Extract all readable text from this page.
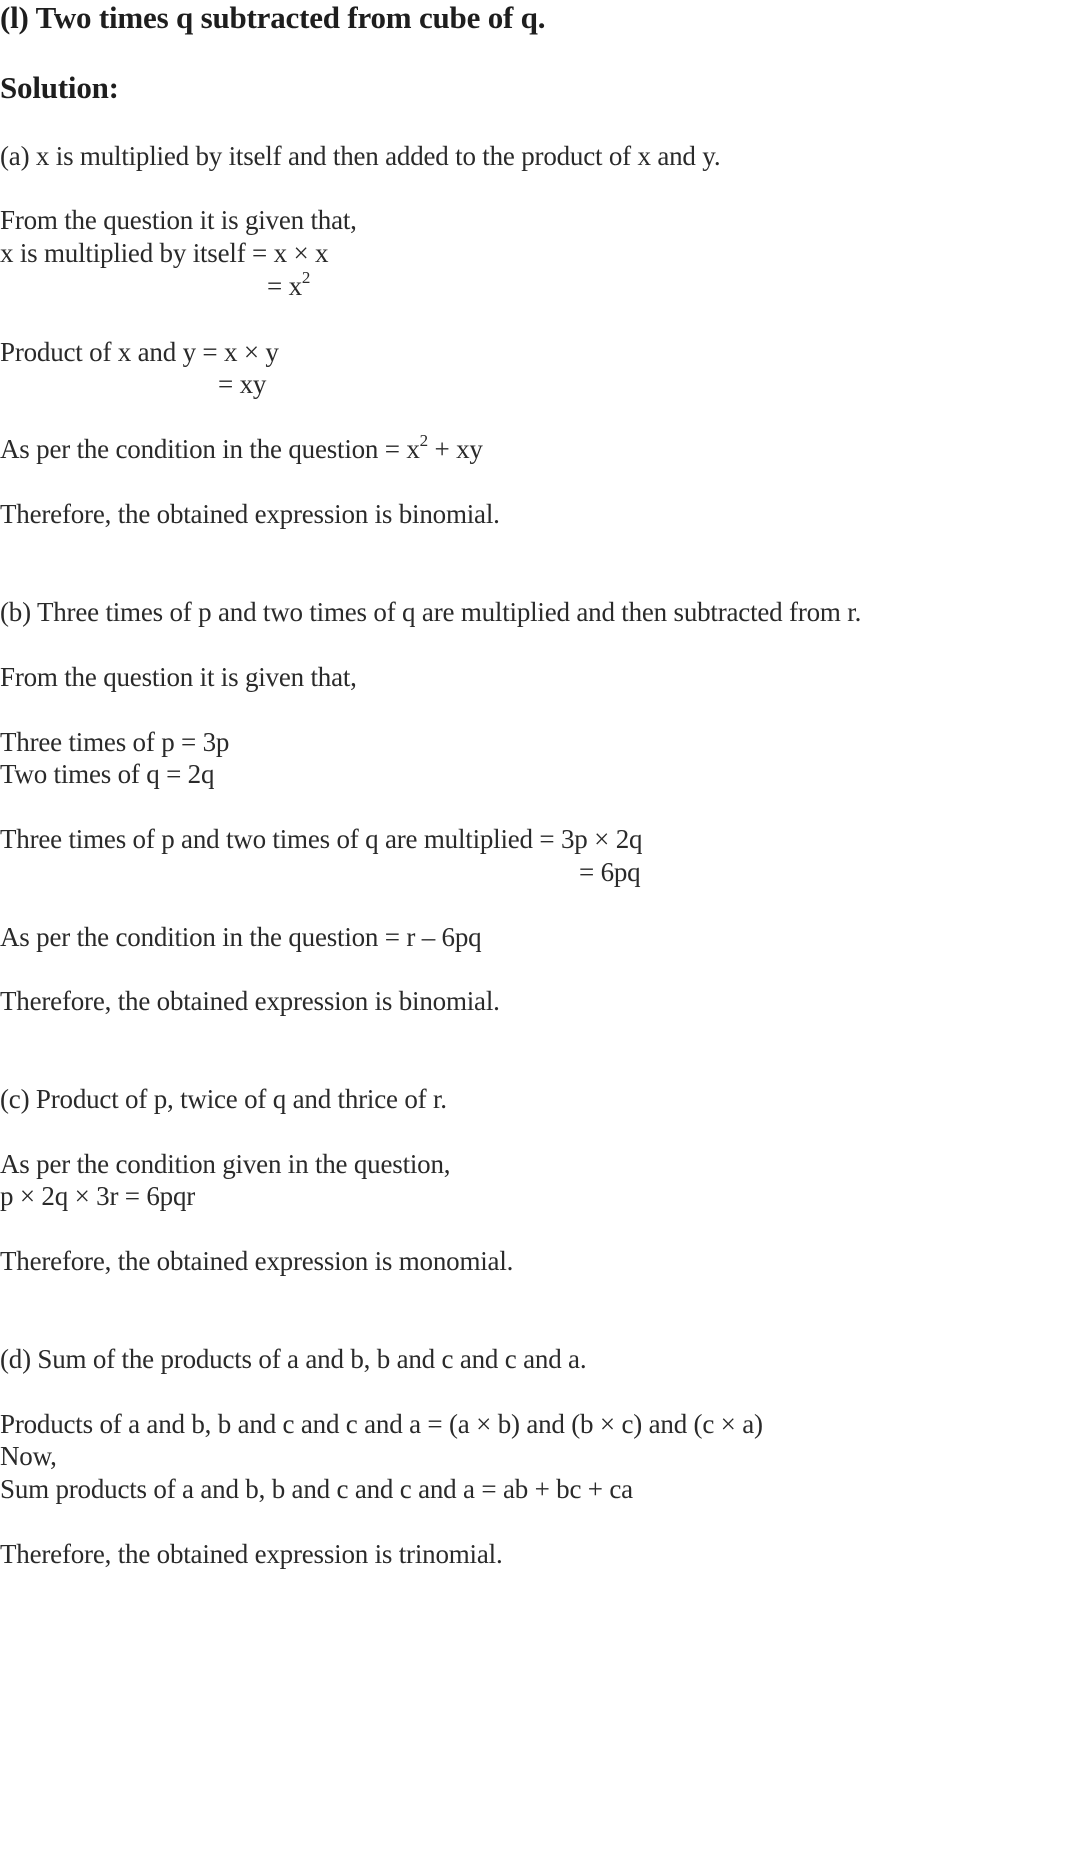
(l) Two times q subtracted from cube of q.
Solution:
(a) x is multiplied by itself and then added to the product of x and y.
From the question it is given that,
x is multiplied by itself = x × x
= $x^2$
Product of x and y = x × y
= xy
As per the condition in the question = $x^2$ + xy
Therefore, the obtained expression is binomial.
(b) Three times of p and two times of q are multiplied and then subtracted from r.
From the question it is given that,
Three times of p = 3p
Two times of q = 2q
Three times of p and two times of q are multiplied = 3p × 2q
= 6pq
As per the condition in the question = r – 6pq
Therefore, the obtained expression is binomial.
(c) Product of p, twice of q and thrice of r.
As per the condition given in the question,
p × 2q × 3r = 6pqr
Therefore, the obtained expression is monomial.
(d) Sum of the products of a and b, b and c and c and a.
Products of a and b, b and c and c and a = (a × b) and (b × c) and (c × a)
Now,
Sum products of a and b, b and c and c and a = ab + bc + ca
Therefore, the obtained expression is trinomial.
